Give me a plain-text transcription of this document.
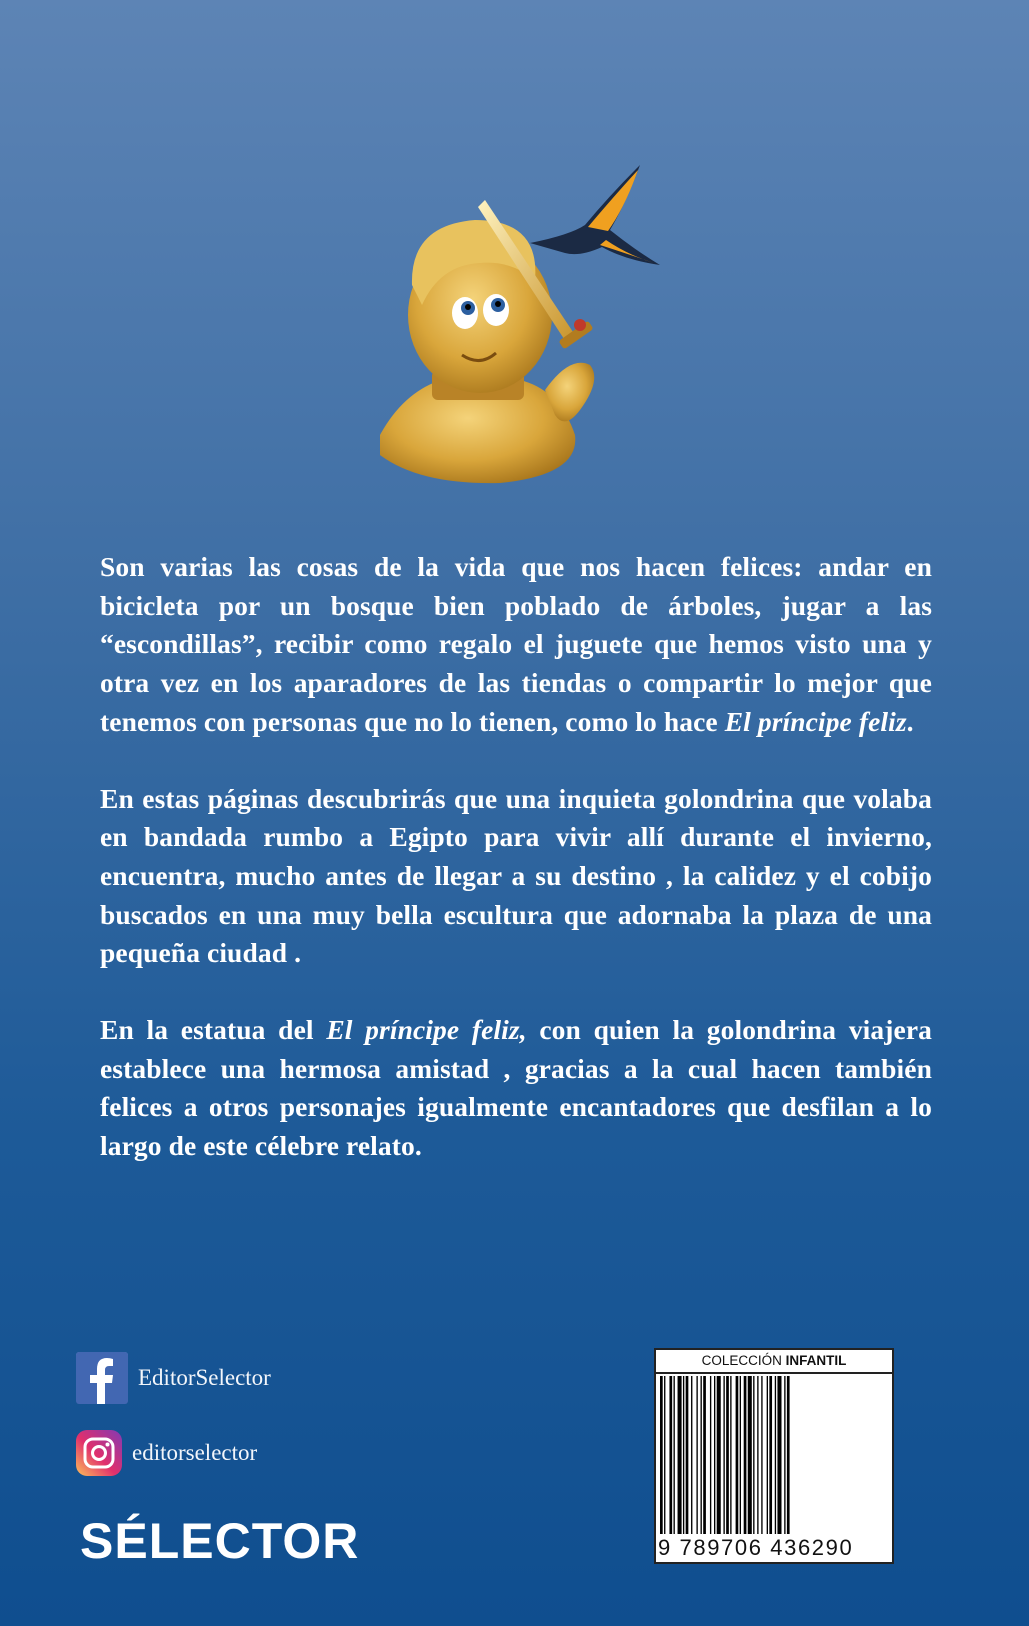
Son varias las cosas de la vida que nos hacen felices: andar en bicicleta por un bosque bien poblado de árboles, jugar a las “escondillas”, recibir como regalo el juguete que hemos visto una y otra vez en los aparadores de las tiendas o compartir lo mejor que tenemos con personas que no lo tienen, como lo hace El príncipe feliz.

En estas páginas descubrirás que una inquieta golondrina que volaba en bandada rumbo a Egipto para vivir allí durante el invierno, encuentra, mucho antes de llegar a su destino , la calidez y el cobijo buscados en una muy bella escultura que adornaba la plaza de una pequeña ciudad .

En la estatua del El príncipe feliz, con quien la golondrina viajera establece una hermosa amistad , gracias a la cual hacen también felices a otros personajes igualmente encantadores que desfilan a lo largo de este célebre relato.

EditorSelector
editorselector
SÉLECTOR
COLECCIÓN INFANTIL
9 789706 436290
